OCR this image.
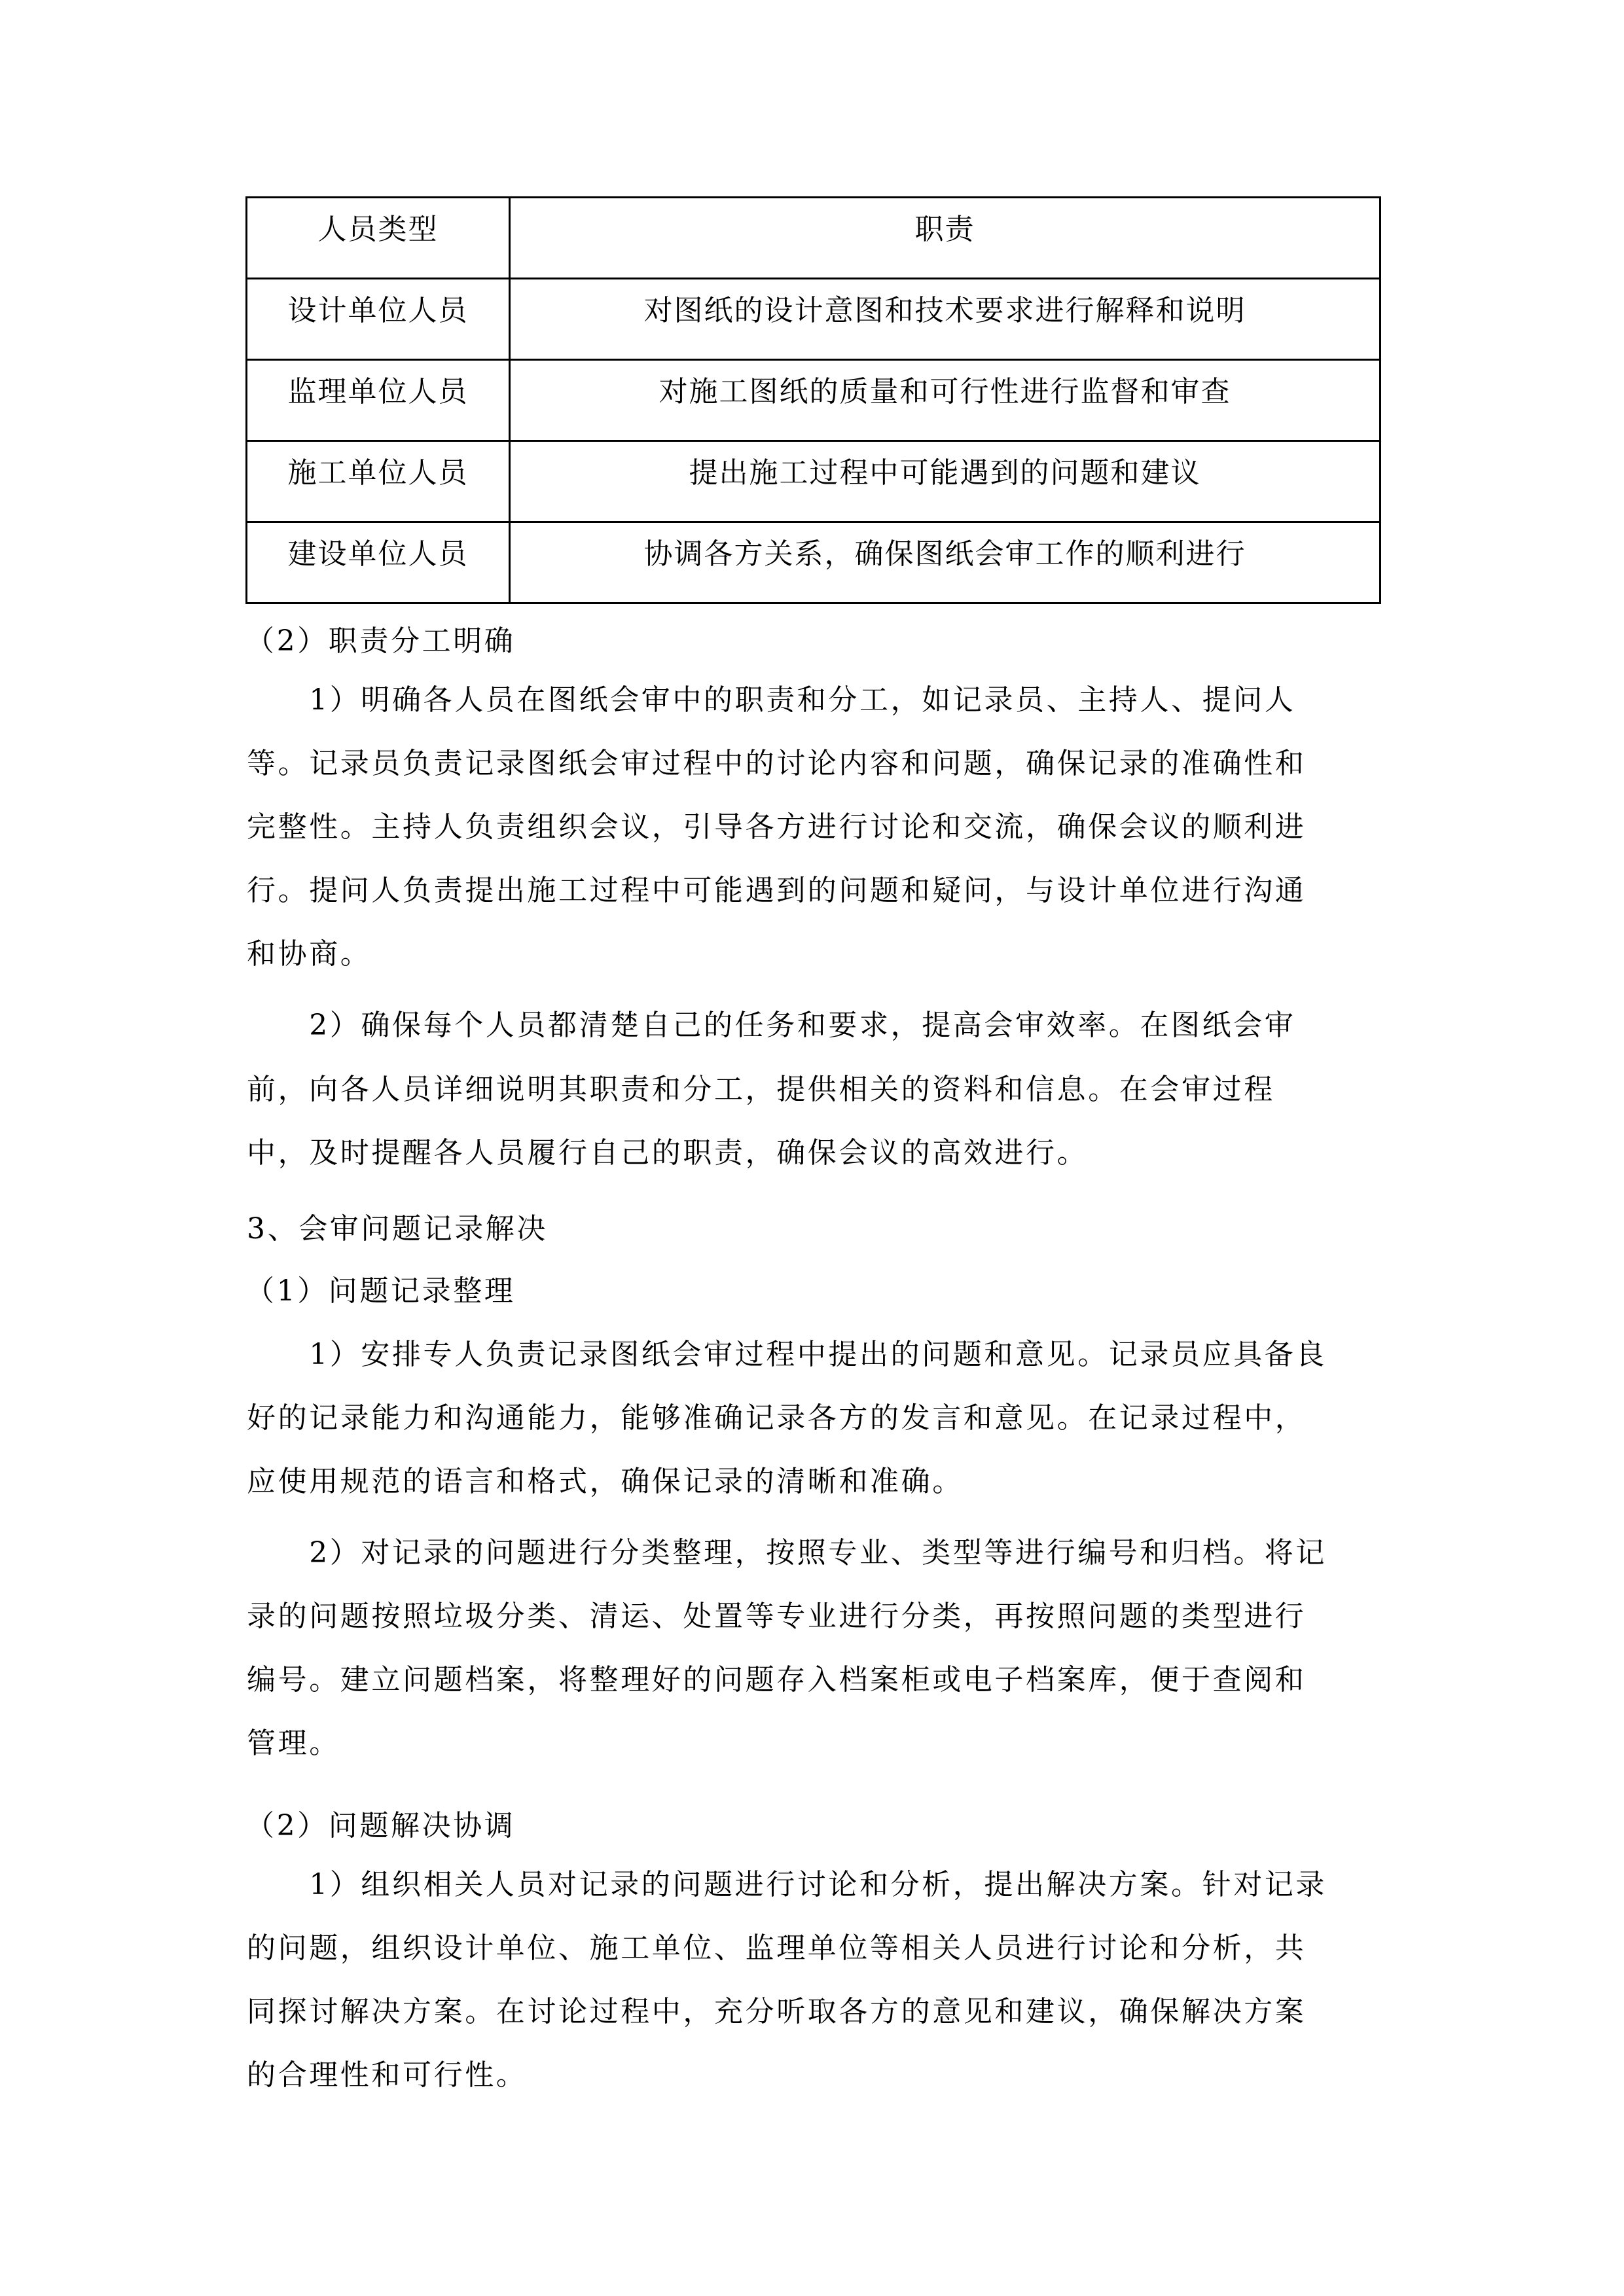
人员类型	职责
设计单位人员	对图纸的设计意图和技术要求进行解释和说明
监理单位人员	对施工图纸的质量和可行性进行监督和审查
施工单位人员	提出施工过程中可能遇到的问题和建议
建设单位人员	协调各方关系，确保图纸会审工作的顺利进行
（2）职责分工明确
　　1）明确各人员在图纸会审中的职责和分工，如记录员、主持人、提问人
等。记录员负责记录图纸会审过程中的讨论内容和问题，确保记录的准确性和
完整性。主持人负责组织会议，引导各方进行讨论和交流，确保会议的顺利进
行。提问人负责提出施工过程中可能遇到的问题和疑问，与设计单位进行沟通
和协商。
　　2）确保每个人员都清楚自己的任务和要求，提高会审效率。在图纸会审
前，向各人员详细说明其职责和分工，提供相关的资料和信息。在会审过程
中，及时提醒各人员履行自己的职责，确保会议的高效进行。
3、会审问题记录解决
（1）问题记录整理
　　1）安排专人负责记录图纸会审过程中提出的问题和意见。记录员应具备良
好的记录能力和沟通能力，能够准确记录各方的发言和意见。在记录过程中，
应使用规范的语言和格式，确保记录的清晰和准确。
　　2）对记录的问题进行分类整理，按照专业、类型等进行编号和归档。将记
录的问题按照垃圾分类、清运、处置等专业进行分类，再按照问题的类型进行
编号。建立问题档案，将整理好的问题存入档案柜或电子档案库，便于查阅和
管理。
（2）问题解决协调
　　1）组织相关人员对记录的问题进行讨论和分析，提出解决方案。针对记录
的问题，组织设计单位、施工单位、监理单位等相关人员进行讨论和分析，共
同探讨解决方案。在讨论过程中，充分听取各方的意见和建议，确保解决方案
的合理性和可行性。
